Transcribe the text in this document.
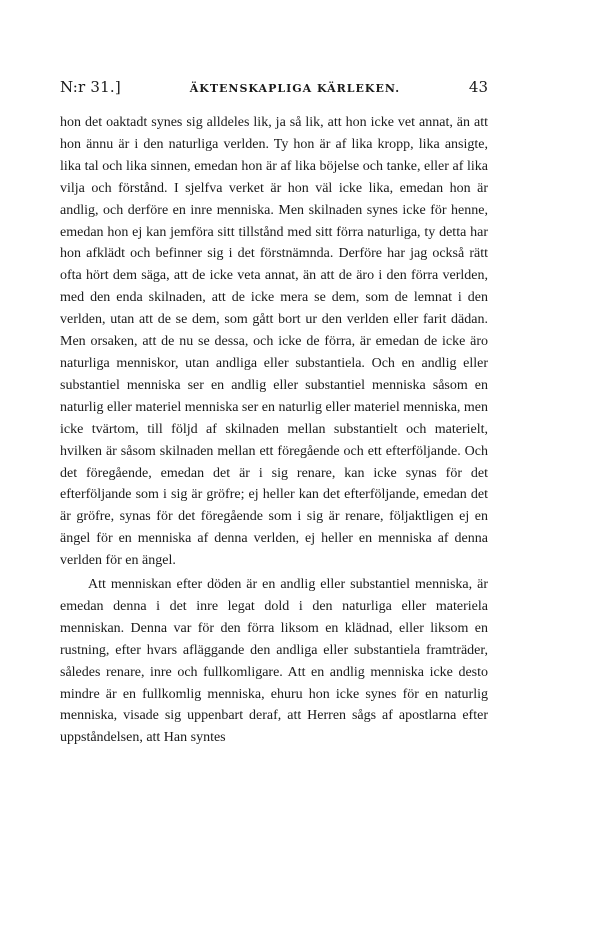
N:r 31.]	ÄKTENSKAPLIGA KÄRLEKEN.	43

hon det oaktadt synes sig alldeles lik, ja så lik, att hon icke vet annat, än att hon ännu är i den naturliga verlden. Ty hon är af lika kropp, lika ansigte, lika tal och lika sinnen, emedan hon är af lika böjelse och tanke, eller af lika vilja och förstånd. I sjelfva verket är hon väl icke lika, emedan hon är andlig, och derföre en inre menniska. Men skilnaden synes icke för henne, emedan hon ej kan jemföra sitt tillstånd med sitt förra naturliga, ty detta har hon afklädt och befinner sig i det förstnämnda. Derföre har jag också rätt ofta hört dem säga, att de icke veta annat, än att de äro i den förra verlden, med den enda skilnaden, att de icke mera se dem, som de lemnat i den verlden, utan att de se dem, som gått bort ur den verlden eller farit dädan. Men orsaken, att de nu se dessa, och icke de förra, är emedan de icke äro naturliga menniskor, utan andliga eller substantiela. Och en andlig eller substantiel menniska ser en andlig eller substantiel menniska såsom en naturlig eller materiel menniska ser en naturlig eller materiel menniska, men icke tvärtom, till följd af skilnaden mellan substantielt och materielt, hvilken är såsom skilnaden mellan ett föregående och ett efterföljande. Och det föregående, emedan det är i sig renare, kan icke synas för det efterföljande som i sig är gröfre; ej heller kan det efterföljande, emedan det är gröfre, synas för det föregående som i sig är renare, följaktligen ej en ängel för en menniska af denna verlden, ej heller en menniska af denna verlden för en ängel.

Att menniskan efter döden är en andlig eller substantiel menniska, är emedan denna i det inre legat dold i den naturliga eller materiela menniskan. Denna var för den förra liksom en klädnad, eller liksom en rustning, efter hvars afläggande den andliga eller substantiela framträder, således renare, inre och fullkomligare. Att en andlig menniska icke desto mindre är en fullkomlig menniska, ehuru hon icke synes för en naturlig menniska, visade sig uppenbart deraf, att Herren sågs af apostlarna efter uppståndelsen, att Han syntes
